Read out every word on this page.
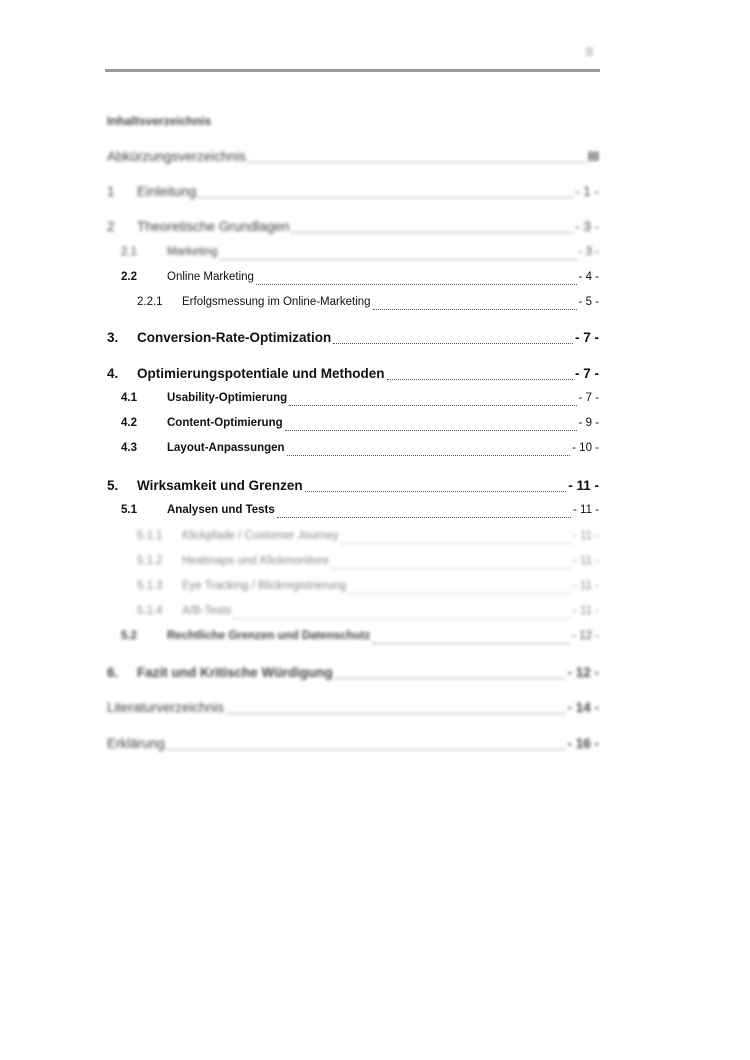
II
Inhaltsverzeichnis
Abkürzungsverzeichnis	III
1	Einleitung	- 1 -
2	Theoretische Grundlagen	- 3 -
2.1	Marketing	- 3 -
2.2	Online Marketing	- 4 -
2.2.1	Erfolgsmessung im Online-Marketing	- 5 -
3.	Conversion-Rate-Optimization	- 7 -
4.	Optimierungspotentiale und Methoden	- 7 -
4.1	Usability-Optimierung	- 7 -
4.2	Content-Optimierung	- 9 -
4.3	Layout-Anpassungen	- 10 -
5.	Wirksamkeit und Grenzen	- 11 -
5.1	Analysen und Tests	- 11 -
5.1.1	Klickpfade / Customer Journey	- 11 -
5.1.2	Heatmaps und Klickmonitore	- 11 -
5.1.3	Eye Tracking / Blickregistrierung	- 11 -
5.1.4	A/B-Tests	- 11 -
5.2	Rechtliche Grenzen und Datenschutz	- 12 -
6.	Fazit und Kritische Würdigung	- 12 -
Literaturverzeichnis	- 14 -
Erklärung	- 16 -
